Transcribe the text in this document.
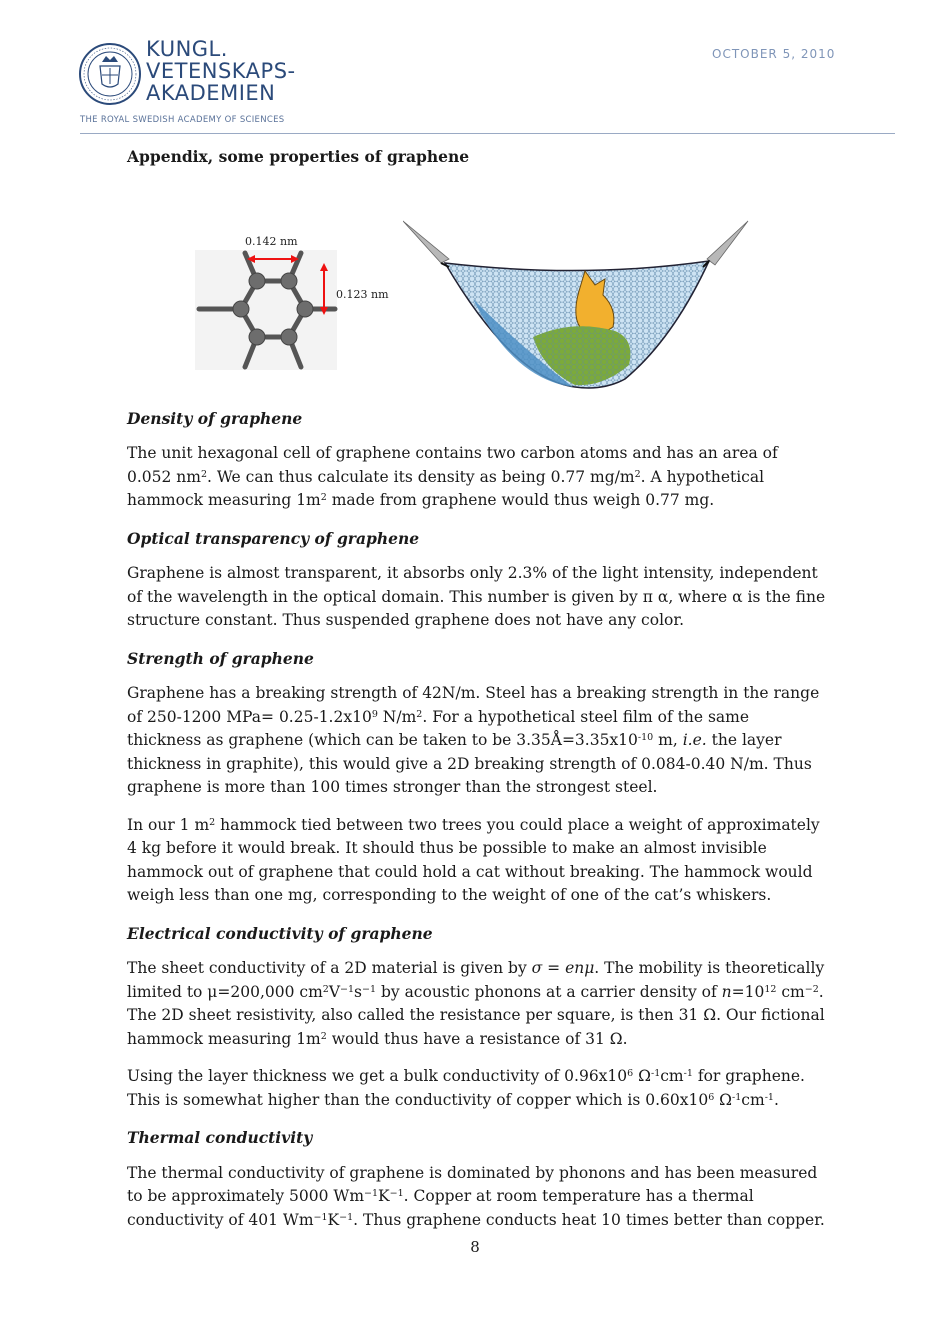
KUNGL.
VETENSKAPS-
AKADEMIEN
THE ROYAL SWEDISH ACADEMY OF SCIENCES
OCTOBER 5, 2010
Appendix, some properties of graphene
0.142 nm
0.123 nm
Density of graphene

The unit hexagonal cell of graphene contains two carbon atoms and has an area of 0.052 $nm^2$. We can thus calculate its density as being 0.77 $mg/m^2$. A hypothetical hammock measuring $1m^2$ made from graphene would thus weigh 0.77 mg.

Optical transparency of graphene

Graphene is almost transparent, it absorbs only 2.3% of the light intensity, independent of the wavelength in the optical domain. This number is given by π α, where α is the fine structure constant. Thus suspended graphene does not have any color.

Strength of graphene

Graphene has a breaking strength of 42N/m. Steel has a breaking strength in the range of 250-1200 $MPa= 0.25-1.2x10^9$ $N/m^2$. For a hypothetical steel film of the same thickness as graphene (which can be taken to be $3.35Å=3.35x10^{-10}$ m, i.e. the layer thickness in graphite), this would give a 2D breaking strength of 0.084-0.40 N/m. Thus graphene is more than 100 times stronger than the strongest steel.

In our 1 $m^2$ hammock tied between two trees you could place a weight of approximately 4 kg before it would break. It should thus be possible to make an almost invisible hammock out of graphene that could hold a cat without breaking. The hammock would weigh less than one mg, corresponding to the weight of one of the cat’s whiskers.

Electrical conductivity of graphene

The sheet conductivity of a 2D material is given by σ = enμ. The mobility is theoretically limited to μ=200,000 $cm^2V^{-1}s^{-1}$ by acoustic phonons at a carrier density of $n=10^{12}$ $cm^{-2}$. The 2D sheet resistivity, also called the resistance per square, is then 31 Ω. Our fictional hammock measuring $1m^2$ would thus have a resistance of 31 Ω.

Using the layer thickness we get a bulk conductivity of $0.96x10^6$ $\Omega^{-1}cm^{-1}$ for graphene. This is somewhat higher than the conductivity of copper which is $0.60x10^6$ $\Omega^{-1}cm^{-1}$.

Thermal conductivity

The thermal conductivity of graphene is dominated by phonons and has been measured to be approximately 5000 $Wm^{-1}K^{-1}$. Copper at room temperature has a thermal conductivity of 401 $Wm^{-1}K^{-1}$. Thus graphene conducts heat 10 times better than copper.

8
